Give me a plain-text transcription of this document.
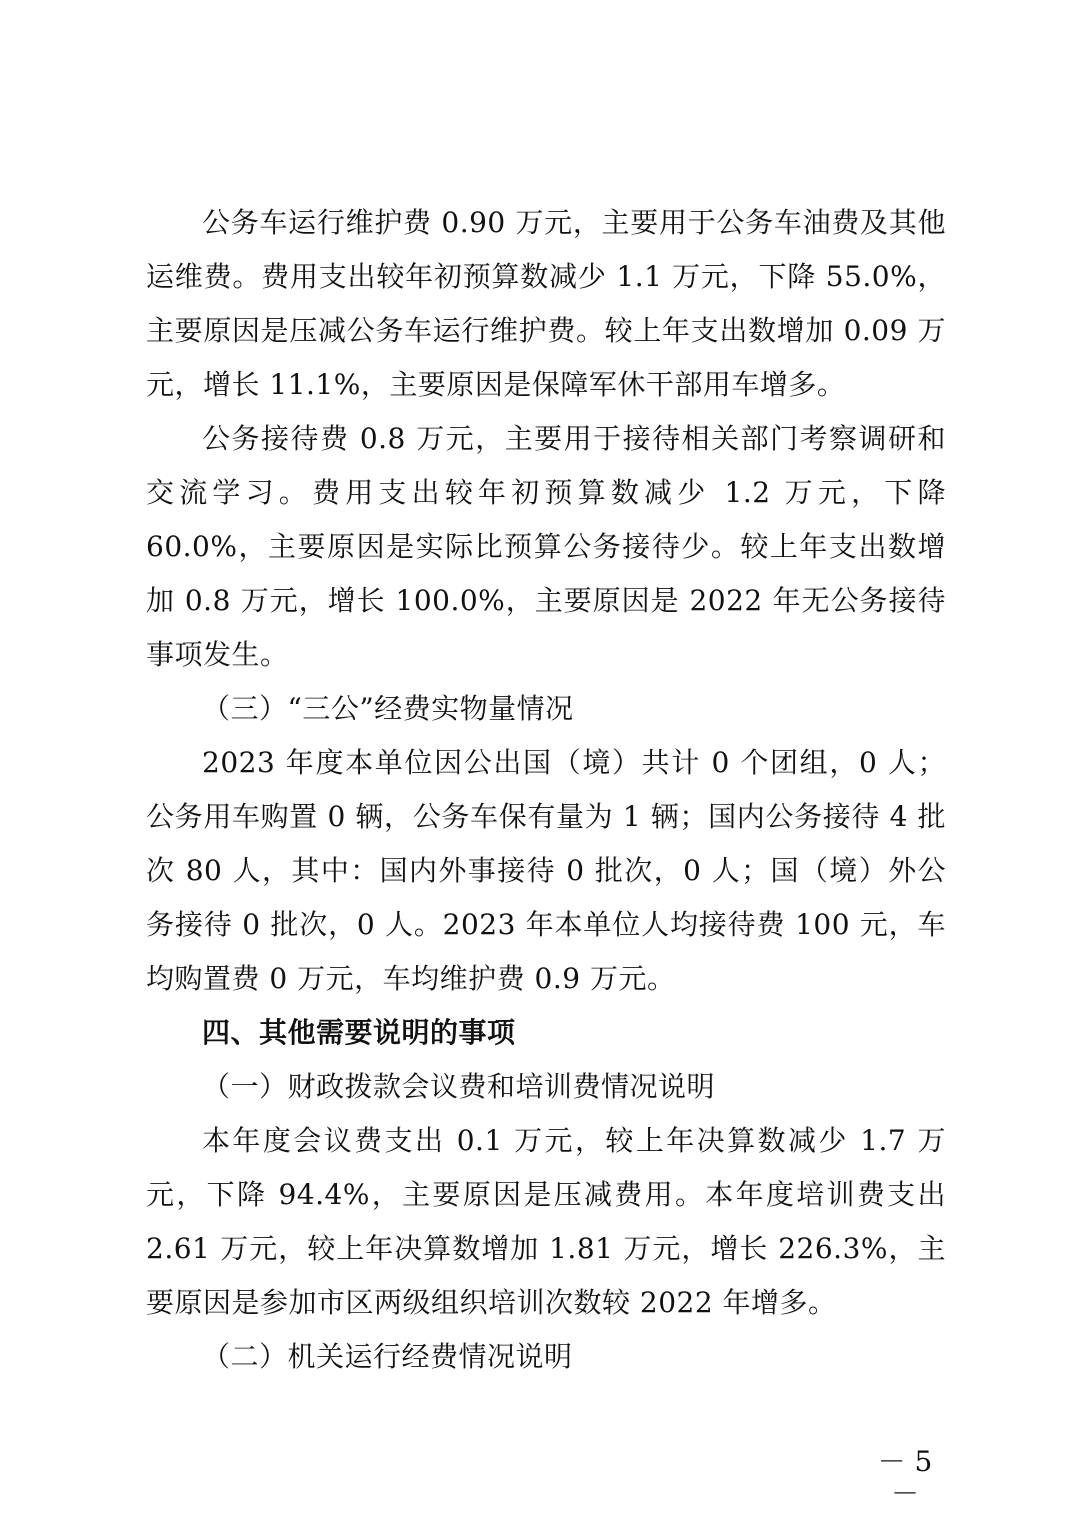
公务车运行维护费 0.90 万元，主要用于公务车油费及其他运维费。费用支出较年初预算数减少 1.1 万元，下降 55.0%，主要原因是压减公务车运行维护费。较上年支出数增加 0.09 万元，增长 11.1%，主要原因是保障军休干部用车增多。

公务接待费 0.8 万元，主要用于接待相关部门考察调研和交流学习。费用支出较年初预算数减少 1.2 万元，下降 60.0%，主要原因是实际比预算公务接待少。较上年支出数增加 0.8 万元，增长 100.0%，主要原因是 2022 年无公务接待事项发生。

（三）“三公”经费实物量情况

2023 年度本单位因公出国（境）共计 0 个团组，0 人；公务用车购置 0 辆，公务车保有量为 1 辆；国内公务接待 4 批次 80 人，其中：国内外事接待 0 批次，0 人；国（境）外公务接待 0 批次，0 人。2023 年本单位人均接待费 100 元，车均购置费 0 万元，车均维护费 0.9 万元。

四、其他需要说明的事项

（一）财政拨款会议费和培训费情况说明

本年度会议费支出 0.1 万元，较上年决算数减少 1.7 万元，下降 94.4%，主要原因是压减费用。本年度培训费支出 2.61 万元，较上年决算数增加 1.81 万元，增长 226.3%，主要原因是参加市区两级组织培训次数较 2022 年增多。

（二）机关运行经费情况说明

－ 5 －
